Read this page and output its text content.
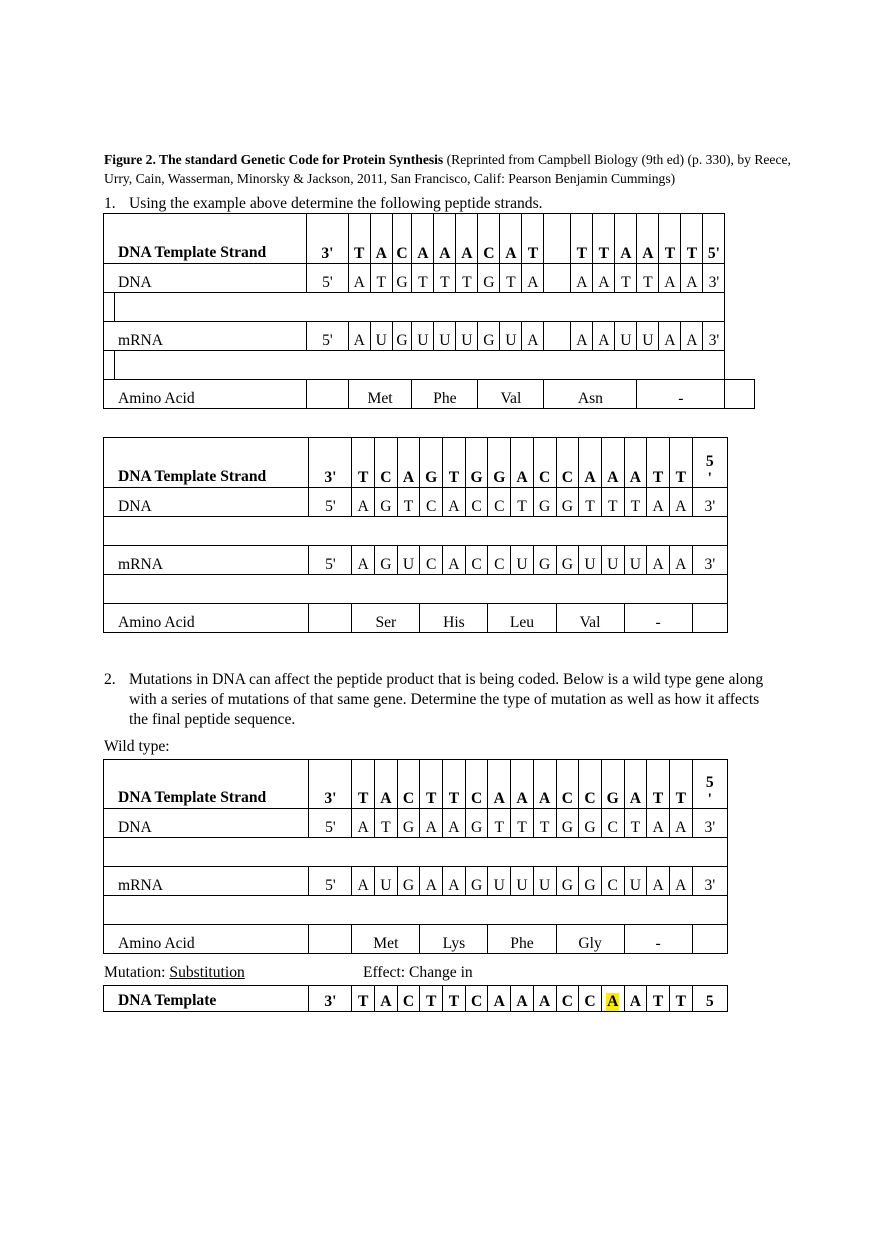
Figure 2. The standard Genetic Code for Protein Synthesis (Reprinted from Campbell Biology (9th ed) (p. 330), by Reece, Urry, Cain, Wasserman, Minorsky & Jackson, 2011, San Francisco, Calif: Pearson Benjamin Cummings)
1. Using the example above determine the following peptide strands.
DNA Template Strand	3'	T	A	C	A	A	A	C	A	T		T	T	A	A	T	T	5'	
DNA	5'	A	T	G	T	T	T	G	T	A		A	A	T	T	A	A	3'	

mRNA	5'	A	U	G	U	U	U	G	U	A		A	A	U	U	A	A	3'	

Amino Acid		Met			Phe			Val			Asn				-				
DNA Template Strand	3'	T	C	A	G	T	G	G	A	C	C	A	A	A	T	T	5
'
DNA	5'	A	G	T	C	A	C	C	T	G	G	T	T	T	A	A	3'

mRNA	5'	A	G	U	C	A	C	C	U	G	G	U	U	U	A	A	3'

Amino Acid		Ser			His			Leu			Val			-			
2. Mutations in DNA can affect the peptide product that is being coded. Below is a wild type gene along with a series of mutations of that same gene. Determine the type of mutation as well as how it affects the final peptide sequence.
Wild type:
DNA Template Strand	3'	T	A	C	T	T	C	A	A	A	C	C	G	A	T	T	5
'
DNA	5'	A	T	G	A	A	G	T	T	T	G	G	C	T	A	A	3'

mRNA	5'	A	U	G	A	A	G	U	U	U	G	G	C	U	A	A	3'

Amino Acid		Met			Lys			Phe			Gly			-			
Mutation: Substitution	Effect: Change in
DNA Template	3'	T	A	C	T	T	C	A	A	A	C	C	A	A	T	T	5
